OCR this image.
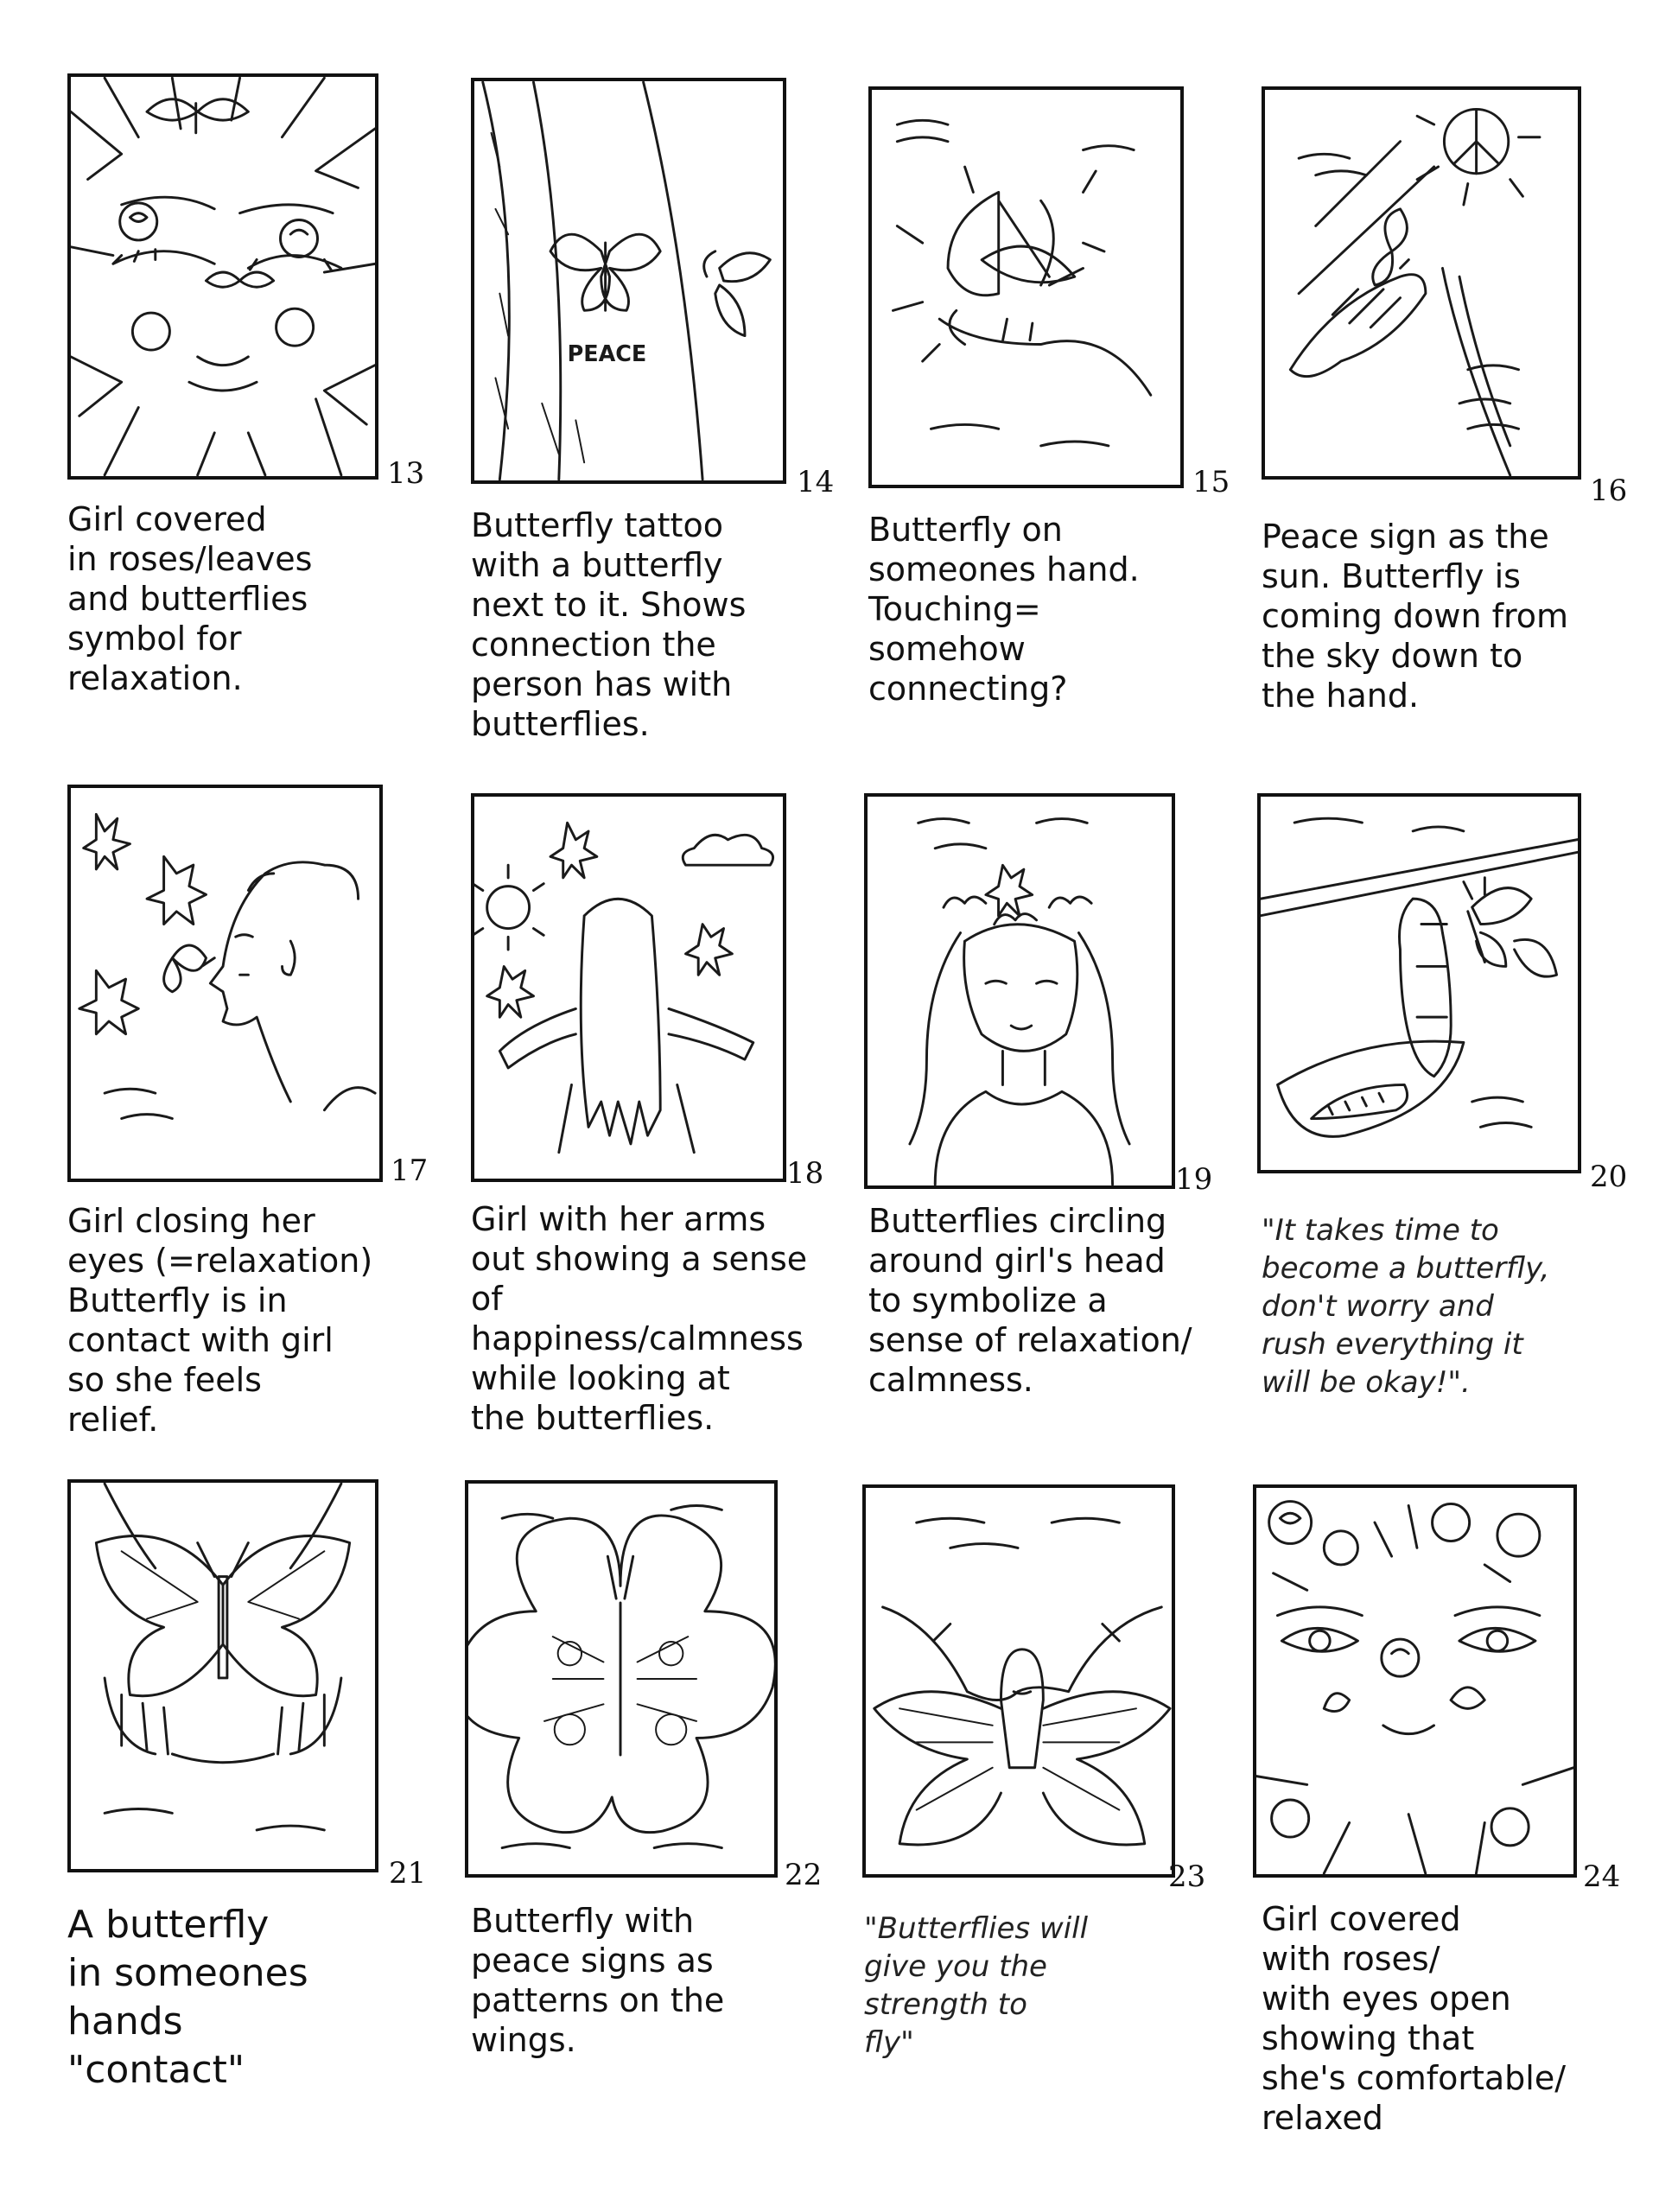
13
Girl covered
in roses/leaves
and butterflies
symbol for
relaxation.
PEACE
14
Butterfly tattoo
with a butterfly
next to it. Shows
connection the
person has with
butterflies.
15
Butterfly on
someones hand.
Touching=
somehow
connecting?
16
Peace sign as the
sun. Butterfly is
coming down from
the sky down to
the hand.
17
Girl closing her
eyes (=relaxation)
Butterfly is in
contact with girl
so she feels
relief.
18
Girl with her arms
out showing a sense
of happiness/calmness
while looking at
the butterflies.
19
Butterflies circling
around girl's head
to symbolize a
sense of relaxation/
calmness.
20
"It takes time to
become a butterfly,
don't worry and
rush everything it
will be okay!".
21
A butterfly
in someones
hands
"contact"
22
Butterfly with
peace signs as
patterns on the
wings.
23
"Butterflies will
give you the
strength to
fly"
24
Girl covered
with roses/
with eyes open
showing that
she's comfortable/
relaxed
